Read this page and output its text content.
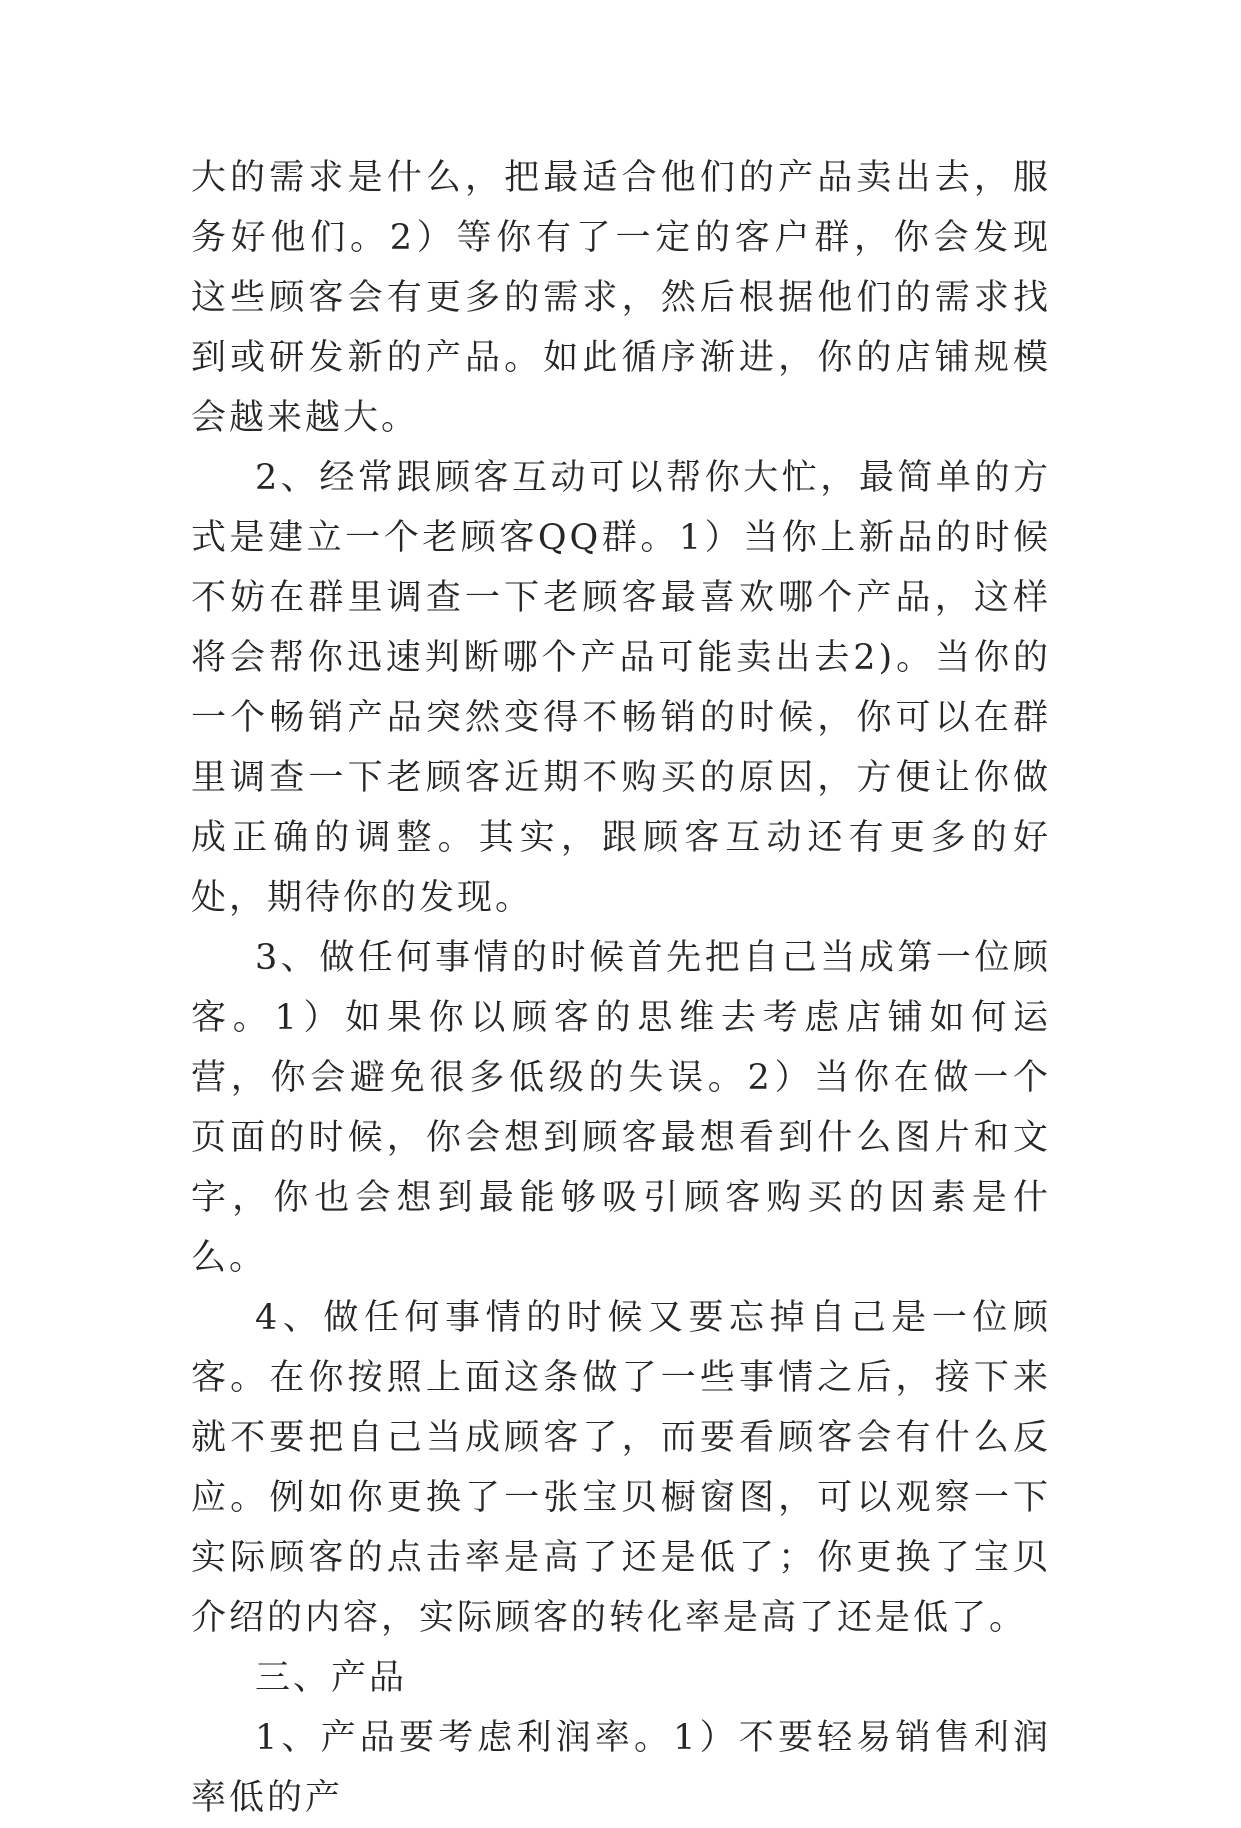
大的需求是什么，把最适合他们的产品卖出去，服务好他们。2）等你有了一定的客户群，你会发现这些顾客会有更多的需求，然后根据他们的需求找到或研发新的产品。如此循序渐进，你的店铺规模会越来越大。

2、经常跟顾客互动可以帮你大忙，最简单的方式是建立一个老顾客QQ群。1）当你上新品的时候不妨在群里调查一下老顾客最喜欢哪个产品，这样将会帮你迅速判断哪个产品可能卖出去2)。当你的一个畅销产品突然变得不畅销的时候，你可以在群里调查一下老顾客近期不购买的原因，方便让你做成正确的调整。其实，跟顾客互动还有更多的好处，期待你的发现。

3、做任何事情的时候首先把自己当成第一位顾客。1）如果你以顾客的思维去考虑店铺如何运营，你会避免很多低级的失误。2）当你在做一个页面的时候，你会想到顾客最想看到什么图片和文字，你也会想到最能够吸引顾客购买的因素是什么。

4、做任何事情的时候又要忘掉自己是一位顾客。在你按照上面这条做了一些事情之后，接下来就不要把自己当成顾客了，而要看顾客会有什么反应。例如你更换了一张宝贝橱窗图，可以观察一下实际顾客的点击率是高了还是低了；你更换了宝贝介绍的内容，实际顾客的转化率是高了还是低了。

三、产品

1、产品要考虑利润率。1）不要轻易销售利润率低的产
